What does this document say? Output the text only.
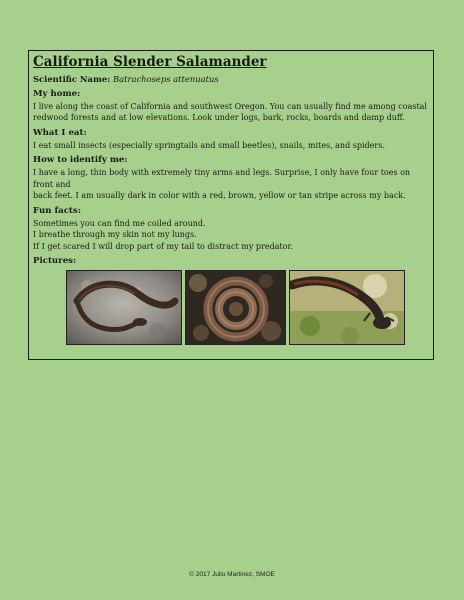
California Slender Salamander
Scientific Name: Batrachoseps attenuatus
My home:
I live along the coast of California and southwest Oregon. You can usually find me among coastal
redwood forests and at low elevations. Look under logs, bark, rocks, boards and damp duff.
What I eat:
I eat small insects (especially springtails and small beetles), snails, mites, and spiders.
How to identify me:
I have a long, thin body with extremely tiny arms and legs. Surprise, I only have four toes on front and
back feet. I am usually dark in color with a red, brown, yellow or tan stripe across my back.
Fun facts:
Sometimes you can find me coiled around.
I breathe through my skin not my lungs.
If I get scared I will drop part of my tail to distract my predator.
Pictures:
© 2017 Julio Martinez, SMOE
